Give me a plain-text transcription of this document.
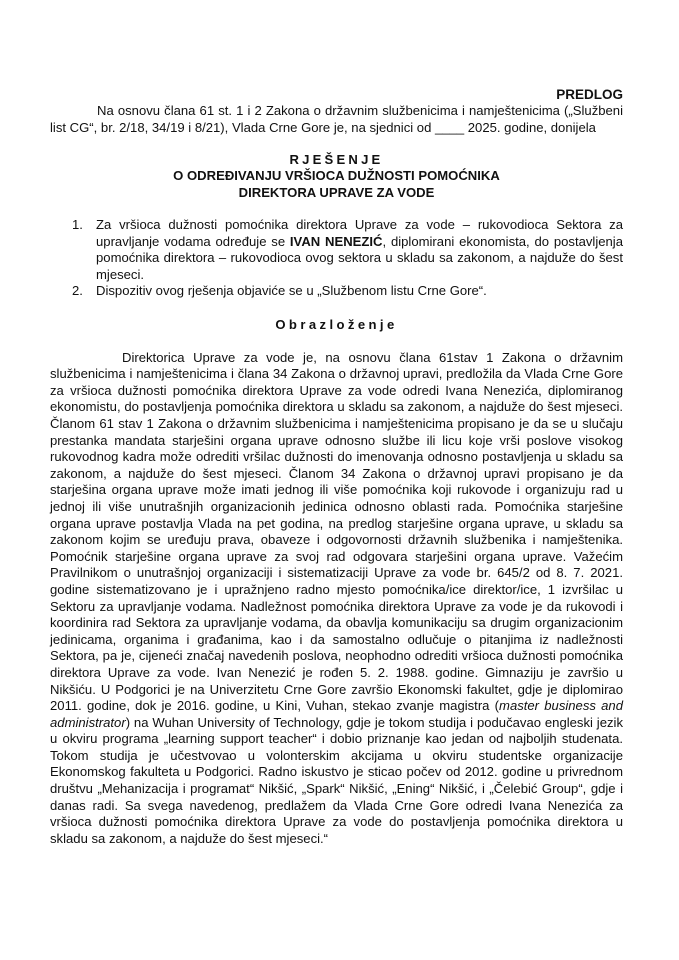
PREDLOG

Na osnovu člana 61 st. 1 i 2 Zakona o državnim službenicima i namještenicima („Službeni list CG“, br. 2/18, 34/19 i 8/21), Vlada Crne Gore je, na sjednici od ____ 2025. godine, donijela

RJEŠENJE
O ODREĐIVANJU VRŠIOCA DUŽNOSTI POMOĆNIKA
DIREKTORA UPRAVE ZA VODE
1. Za vršioca dužnosti pomoćnika direktora Uprave za vode – rukovodioca Sektora za upravljanje vodama određuje se IVAN NENEZIĆ, diplomirani ekonomista, do postavljenja pomoćnika direktora – rukovodioca ovog sektora u skladu sa zakonom, a najduže do šest mjeseci.
2. Dispozitiv ovog rješenja objaviće se u „Službenom listu Crne Gore“.

Obrazloženje

Direktorica Uprave za vode je, na osnovu člana 61stav 1 Zakona o državnim službenicima i namještenicima i člana 34 Zakona o državnoj upravi, predložila da Vlada Crne Gore za vršioca dužnosti pomoćnika direktora Uprave za vode odredi Ivana Nenezića, diplomiranog ekonomistu, do postavljenja pomoćnika direktora u skladu sa zakonom, a najduže do šest mjeseci. Članom 61 stav 1 Zakona o državnim službenicima i namještenicima propisano je da se u slučaju prestanka mandata starješini organa uprave odnosno službe ili licu koje vrši poslove visokog rukovodnog kadra može odrediti vršilac dužnosti do imenovanja odnosno postavljenja u skladu sa zakonom, a najduže do šest mjeseci. Članom 34 Zakona o državnoj upravi propisano je da starješina organa uprave može imati jednog ili više pomoćnika koji rukovode i organizuju rad u jednoj ili više unutrašnjih organizacionih jedinica odnosno oblasti rada. Pomoćnika starješine organa uprave postavlja Vlada na pet godina, na predlog starješine organa uprave, u skladu sa zakonom kojim se uređuju prava, obaveze i odgovornosti državnih službenika i namještenika. Pomoćnik starješine organa uprave za svoj rad odgovara starješini organa uprave. Važećim Pravilnikom o unutrašnjoj organizaciji i sistematizaciji Uprave za vode br. 645/2 od 8. 7. 2021. godine sistematizovano je i upražnjeno radno mjesto pomoćnika/ice direktor/ice, 1 izvršilac u Sektoru za upravljanje vodama. Nadležnost pomoćnika direktora Uprave za vode je da rukovodi i koordinira rad Sektora za upravljanje vodama, da obavlja komunikaciju sa drugim organizacionim jedinicama, organima i građanima, kao i da samostalno odlučuje o pitanjima iz nadležnosti Sektora, pa je, cijeneći značaj navedenih poslova, neophodno odrediti vršioca dužnosti pomoćnika direktora Uprave za vode. Ivan Nenezić je rođen 5. 2. 1988. godine. Gimnaziju je završio u Nikšiću. U Podgorici je na Univerzitetu Crne Gore završio Ekonomski fakultet, gdje je diplomirao 2011. godine, dok je 2016. godine, u Kini, Vuhan, stekao zvanje magistra (master business and administrator) na Wuhan University of Technology, gdje je tokom studija i podučavao engleski jezik u okviru programa „learning support teacher“ i dobio priznanje kao jedan od najboljih studenata. Tokom studija je učestvovao u volonterskim akcijama u okviru studentske organizacije Ekonomskog fakulteta u Podgorici. Radno iskustvo je sticao počev od 2012. godine u privrednom društvu „Mehanizacija i programat“ Nikšić, „Spark“ Nikšić, „Ening“ Nikšić, i „Čelebić Group“, gdje i danas radi. Sa svega navedenog, predlažem da Vlada Crne Gore odredi Ivana Nenezića za vršioca dužnosti pomoćnika direktora Uprave za vode do postavljenja pomoćnika direktora u skladu sa zakonom, a najduže do šest mjeseci.“
